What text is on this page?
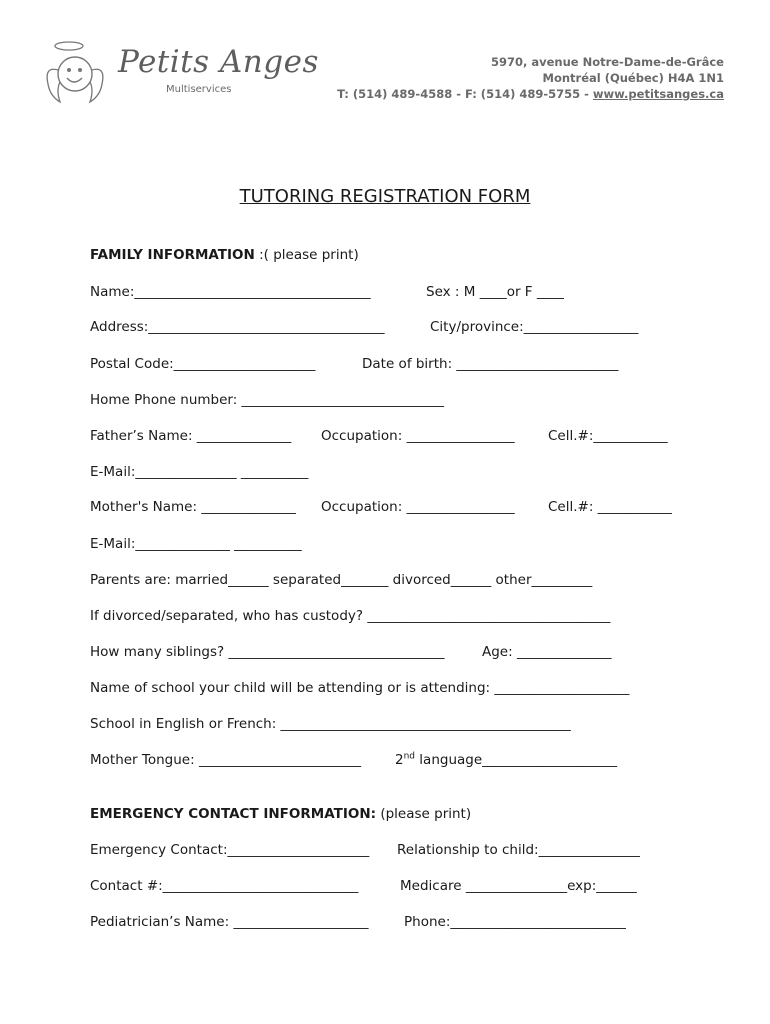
Petits Anges
Multiservices
5970, avenue Notre-Dame-de-Grâce
Montréal (Québec) H4A 1N1
T: (514) 489-4588 - F: (514) 489-5755 - www.petitsanges.ca
TUTORING REGISTRATION FORM
FAMILY INFORMATION :( please print)
Name:___________________________________	Sex : M ____or F ____
Address:___________________________________	City/province:_________________
Postal Code:_____________________	Date of birth: ________________________
Home Phone number: ______________________________
Father’s Name: ______________ Occupation: ________________ Cell.#:___________
E-Mail:_______________ __________
Mother's Name: ______________ Occupation: ________________ Cell.#: ___________
E-Mail:______________ __________
Parents are: married______ separated_______ divorced______ other_________
If divorced/separated, who has custody? ____________________________________
How many siblings? ________________________________	Age: ______________
Name of school your child will be attending or is attending: ____________________
School in English or French: ___________________________________________
Mother Tongue: ________________________	2nd language____________________
EMERGENCY CONTACT INFORMATION: (please print)
Emergency Contact:_____________________ Relationship to child:_______________
Contact #:_____________________________	Medicare _______________exp:______
Pediatrician’s Name: ____________________	Phone:__________________________
